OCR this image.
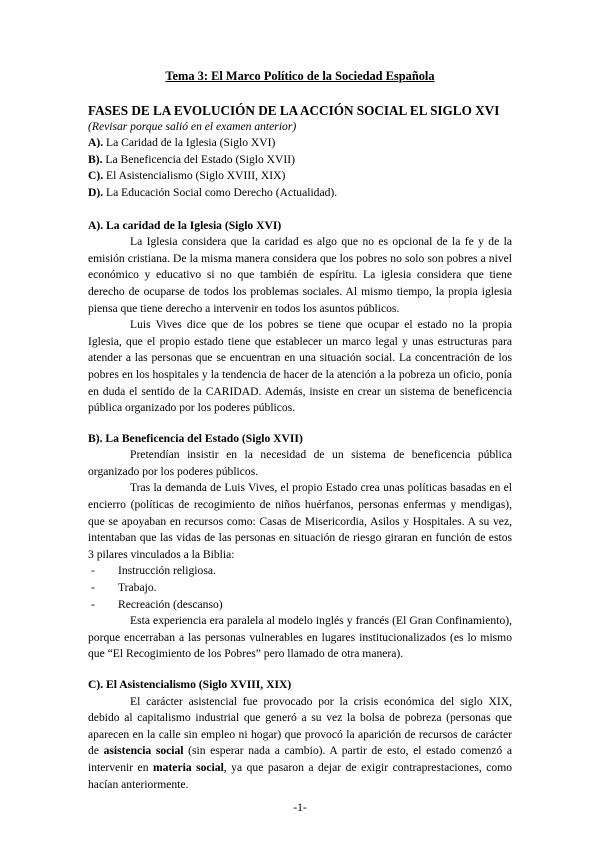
Tema 3: El Marco Político de la Sociedad Española
FASES DE LA EVOLUCIÓN DE LA ACCIÓN SOCIAL EL SIGLO XVI
(Revisar porque salió en el examen anterior)
A). La Caridad de la Iglesia (Siglo XVI)
B). La Beneficencia del Estado (Siglo XVII)
C). El Asistencialismo (Siglo XVIII, XIX)
D). La Educación Social como Derecho (Actualidad).
A). La caridad de la Iglesia (Siglo XVI)

La Iglesia considera que la caridad es algo que no es opcional de la fe y de la emisión cristiana. De la misma manera considera que los pobres no solo son pobres a nivel económico y educativo si no que también de espíritu. La iglesia considera que tiene derecho de ocuparse de todos los problemas sociales. Al mismo tiempo, la propia iglesia piensa que tiene derecho a intervenir en todos los asuntos públicos.

Luis Vives dice que de los pobres se tiene que ocupar el estado no la propia Iglesia, que el propio estado tiene que establecer un marco legal y unas estructuras para atender a las personas que se encuentran en una situación social. La concentración de los pobres en los hospitales y la tendencia de hacer de la atención a la pobreza un oficio, ponía en duda el sentido de la CARIDAD. Además, insiste en crear un sistema de beneficencia pública organizado por los poderes públicos.

B). La Beneficencia del Estado (Siglo XVII)

Pretendían insistir en la necesidad de un sistema de beneficencia pública organizado por los poderes públicos.

Tras la demanda de Luis Vives, el propio Estado crea unas políticas basadas en el encierro (políticas de recogimiento de niños huérfanos, personas enfermas y mendigas), que se apoyaban en recursos como: Casas de Misericordia, Asilos y Hospitales. A su vez, intentaban que las vidas de las personas en situación de riesgo giraran en función de estos 3 pilares vinculados a la Biblia:

- Instrucción religiosa.
- Trabajo.
- Recreación (descanso)

Esta experiencia era paralela al modelo inglés y francés (El Gran Confinamiento), porque encerraban a las personas vulnerables en lugares institucionalizados (es lo mismo que “El Recogimiento de los Pobres” pero llamado de otra manera).

C). El Asistencialismo (Siglo XVIII, XIX)

El carácter asistencial fue provocado por la crisis económica del siglo XIX, debido al capitalismo industrial que generó a su vez la bolsa de pobreza (personas que aparecen en la calle sin empleo ni hogar) que provocó la aparición de recursos de carácter de asistencia social (sin esperar nada a cambio). A partir de esto, el estado comenzó a intervenir en materia social, ya que pasaron a dejar de exigir contraprestaciones, como hacían anteriormente.

-1-
